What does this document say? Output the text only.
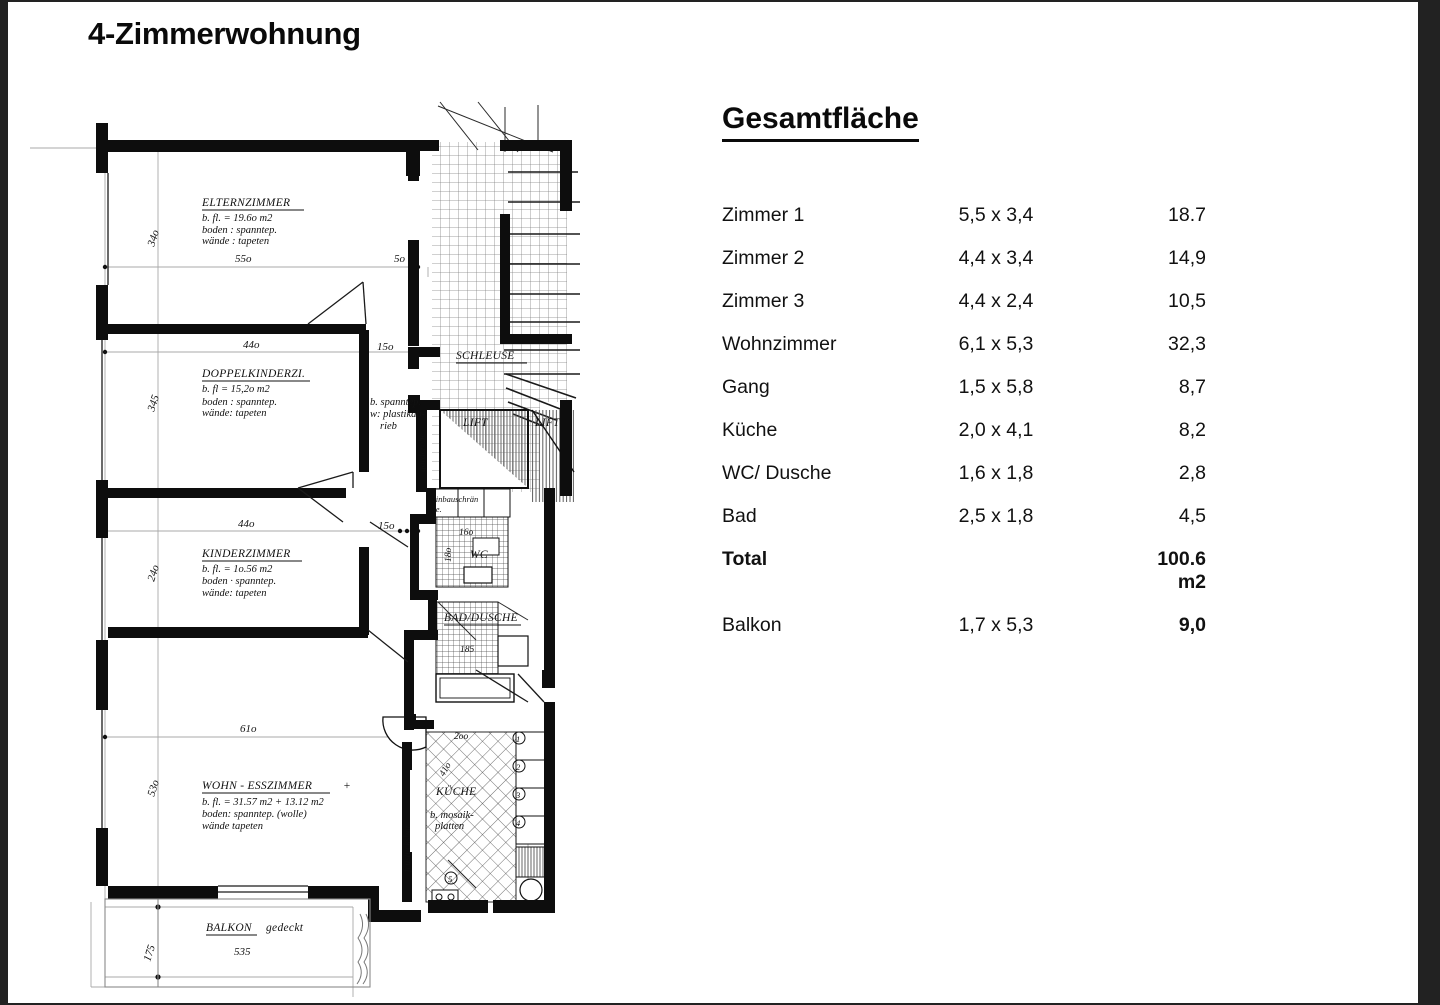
4-Zimmerwohnung
ELTERNZIMMER
b. fl. = 19.6o m2
boden : spanntep.
wände : tapeten
DOPPELKINDERZI.
b. fl = 15,2o m2
boden : spanntep.
wände: tapeten
b. spanntep.
w: plastikab-
rieb
KINDERZIMMER
b. fl. = 1o.56 m2
boden · spanntep.
wände: tapeten
WOHN - ESSZIMMER	+
b. fl. = 31.57 m2 + 13.12 m2
boden: spanntep. (wolle)
wände tapeten
BALKON gedeckt
SCHLEUSE
LIFT	LIFT
garderobe
einbauschrän
ke.
16o
18o WC
BAD/DUSCHE
185
KÜCHE
2oo
41o
b. mosaik-
platten
frustucksbar
1
2
3
4
5
55o	5o
44o	15o
44o	15o
61o
535
34o
345
24o
53o
175
Gesamtfläche
Zimmer 1	5,5 x 3,4	18.7
Zimmer 2	4,4 x 3,4	14,9
Zimmer 3	4,4 x 2,4	10,5
Wohnzimmer	6,1 x 5,3	32,3
Gang	1,5 x 5,8	8,7
Küche	2,0 x 4,1	8,2
WC/ Dusche	1,6 x 1,8	2,8
Bad	2,5 x 1,8	4,5
Total		100.6 m2
Balkon	1,7 x 5,3	9,0
